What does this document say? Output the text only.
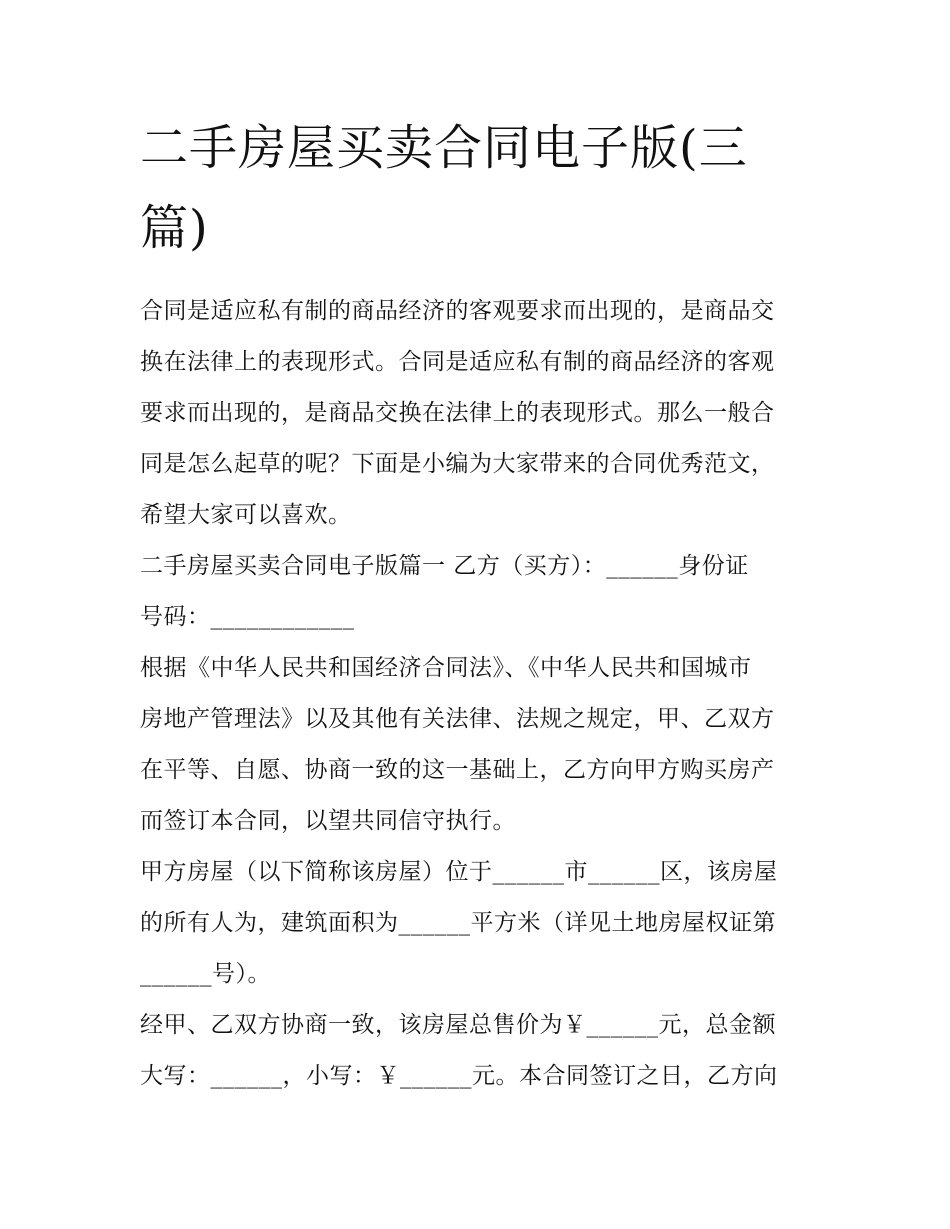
二手房屋买卖合同电子版(三
篇)

合同是适应私有制的商品经济的客观要求而出现的，是商品交
换在法律上的表现形式。合同是适应私有制的商品经济的客观
要求而出现的，是商品交换在法律上的表现形式。那么一般合
同是怎么起草的呢？下面是小编为大家带来的合同优秀范文，
希望大家可以喜欢。

二手房屋买卖合同电子版篇一 乙方（买方）：______身份证
号码：____________

根据《中华人民共和国经济合同法》、《中华人民共和国城市
房地产管理法》以及其他有关法律、法规之规定，甲、乙双方
在平等、自愿、协商一致的这一基础上，乙方向甲方购买房产
而签订本合同，以望共同信守执行。

甲方房屋（以下简称该房屋）位于______市______区，该房屋
的所有人为，建筑面积为______平方米（详见土地房屋权证第
______号）。

经甲、乙双方协商一致，该房屋总售价为￥______元，总金额
大写：______，小写：￥______元。本合同签订之日，乙方向
